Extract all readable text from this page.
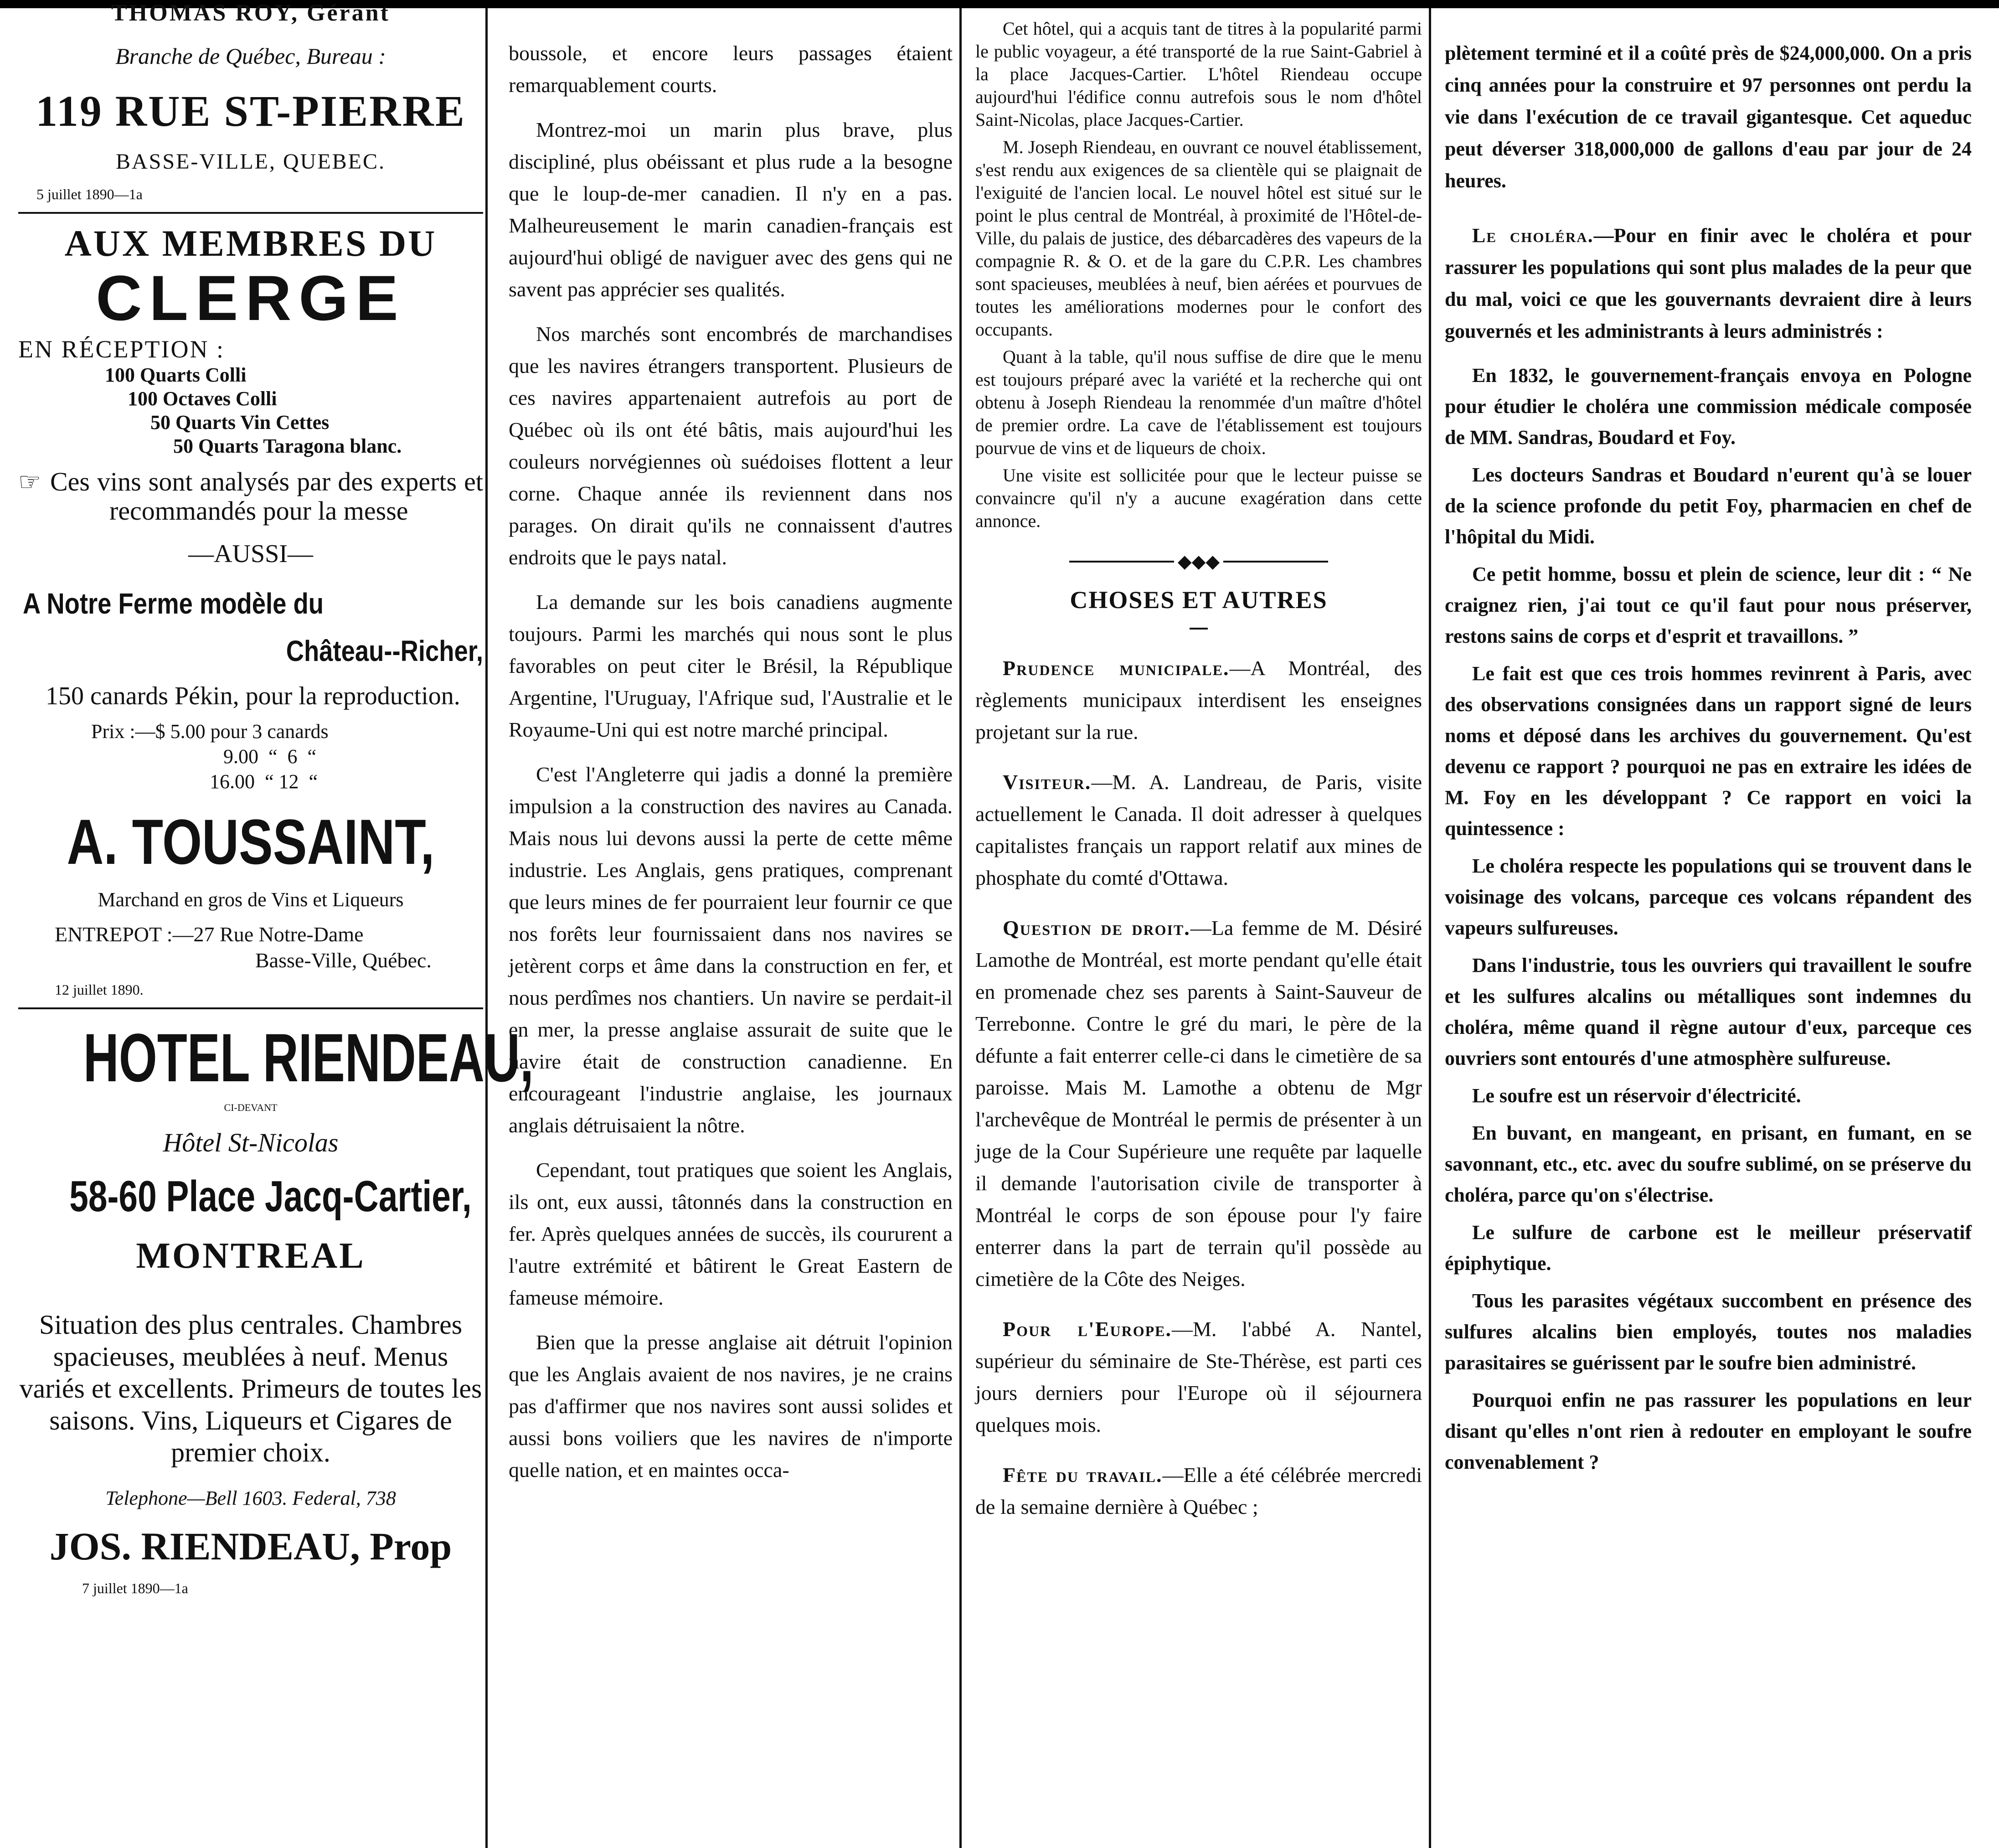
THOMAS ROY, Gérant

Branche de Québec, Bureau :

119 RUE ST-PIERRE

BASSE-VILLE, QUEBEC.

5 juillet 1890—1a

AUX MEMBRES DU

CLERGE

EN RÉCEPTION :

100 Quarts Colli

100 Octaves Colli

50 Quarts Vin Cettes

50 Quarts Taragona blanc.

☞ Ces vins sont analysés par des experts et recommandés pour la messe

—AUSSI—

A Notre Ferme modèle du

Château--Richer,

150 canards Pékin, pour la reproduction.

Prix :—$ 5.00 pour 3 canards

9.00  “  6  “

16.00  “ 12  “

A. TOUSSAINT,

Marchand en gros de Vins et Liqueurs

ENTREPOT :—27 Rue Notre-Dame

Basse-Ville, Québec.

12 juillet 1890.

HOTEL RIENDEAU,

CI-DEVANT

Hôtel St-Nicolas

58-60 Place Jacq-Cartier,

MONTREAL

Situation des plus centrales. Chambres spacieuses, meublées à neuf. Menus variés et excellents. Primeurs de toutes les saisons. Vins, Liqueurs et Cigares de premier choix.

Telephone—Bell 1603. Federal, 738

JOS. RIENDEAU, Prop

7 juillet 1890—1a

boussole, et encore leurs passages étaient remarquablement courts.

Montrez-moi un marin plus brave, plus discipliné, plus obéissant et plus rude a la besogne que le loup-de-mer canadien. Il n'y en a pas. Malheureusement le marin canadien-français est aujourd'hui obligé de naviguer avec des gens qui ne savent pas apprécier ses qualités.

Nos marchés sont encombrés de marchandises que les navires étrangers transportent. Plusieurs de ces navires appartenaient autrefois au port de Québec où ils ont été bâtis, mais aujourd'hui les couleurs norvégiennes où suédoises flottent a leur corne. Chaque année ils reviennent dans nos parages. On dirait qu'ils ne connaissent d'autres endroits que le pays natal.

La demande sur les bois canadiens augmente toujours. Parmi les marchés qui nous sont le plus favorables on peut citer le Brésil, la République Argentine, l'Uruguay, l'Afrique sud, l'Australie et le Royaume-Uni qui est notre marché principal.

C'est l'Angleterre qui jadis a donné la première impulsion a la construction des navires au Canada. Mais nous lui devons aussi la perte de cette même industrie. Les Anglais, gens pratiques, comprenant que leurs mines de fer pourraient leur fournir ce que nos forêts leur fournissaient dans nos navires se jetèrent corps et âme dans la construction en fer, et nous perdîmes nos chantiers. Un navire se perdait-il en mer, la presse anglaise assurait de suite que le navire était de construction canadienne. En encourageant l'industrie anglaise, les journaux anglais détruisaient la nôtre.

Cependant, tout pratiques que soient les Anglais, ils ont, eux aussi, tâtonnés dans la construction en fer. Après quelques années de succès, ils coururent a l'autre extrémité et bâtirent le Great Eastern de fameuse mémoire.

Bien que la presse anglaise ait détruit l'opinion que les Anglais avaient de nos navires, je ne crains pas d'affirmer que nos navires sont aussi solides et aussi bons voiliers que les navires de n'importe quelle nation, et en maintes occa-

Cet hôtel, qui a acquis tant de titres à la popularité parmi le public voyageur, a été transporté de la rue Saint-Gabriel à la place Jacques-Cartier. L'hôtel Riendeau occupe aujourd'hui l'édifice connu autrefois sous le nom d'hôtel Saint-Nicolas, place Jacques-Cartier.

M. Joseph Riendeau, en ouvrant ce nouvel établissement, s'est rendu aux exigences de sa clientèle qui se plaignait de l'exiguité de l'ancien local. Le nouvel hôtel est situé sur le point le plus central de Montréal, à proximité de l'Hôtel-de-Ville, du palais de justice, des débarcadères des vapeurs de la compagnie R. & O. et de la gare du C.P.R. Les chambres sont spacieuses, meublées à neuf, bien aérées et pourvues de toutes les améliorations modernes pour le confort des occupants.

Quant à la table, qu'il nous suffise de dire que le menu est toujours préparé avec la variété et la recherche qui ont obtenu à Joseph Riendeau la renommée d'un maître d'hôtel de premier ordre. La cave de l'établissement est toujours pourvue de vins et de liqueurs de choix.

Une visite est sollicitée pour que le lecteur puisse se convaincre qu'il n'y a aucune exagération dans cette annonce.

◆◆◆

CHOSES ET AUTRES

Prudence municipale.—A Montréal, des règlements municipaux interdisent les enseignes projetant sur la rue.

Visiteur.—M. A. Landreau, de Paris, visite actuellement le Canada. Il doit adresser à quelques capitalistes français un rapport relatif aux mines de phosphate du comté d'Ottawa.

Question de droit.—La femme de M. Désiré Lamothe de Montréal, est morte pendant qu'elle était en promenade chez ses parents à Saint-Sauveur de Terrebonne. Contre le gré du mari, le père de la défunte a fait enterrer celle-ci dans le cimetière de sa paroisse. Mais M. Lamothe a obtenu de Mgr l'archevêque de Montréal le permis de présenter à un juge de la Cour Supérieure une requête par laquelle il demande l'autorisation civile de transporter à Montréal le corps de son épouse pour l'y faire enterrer dans la part de terrain qu'il possède au cimetière de la Côte des Neiges.

Pour l'Europe.—M. l'abbé A. Nantel, supérieur du séminaire de Ste-Thérèse, est parti ces jours derniers pour l'Europe où il séjournera quelques mois.

Fête du travail.—Elle a été célébrée mercredi de la semaine dernière à Québec ;

plètement terminé et il a coûté près de $24,000,000. On a pris cinq années pour la construire et 97 personnes ont perdu la vie dans l'exécution de ce travail gigantesque. Cet aqueduc peut déverser 318,000,000 de gallons d'eau par jour de 24 heures.

Le choléra.—Pour en finir avec le choléra et pour rassurer les populations qui sont plus malades de la peur que du mal, voici ce que les gouvernants devraient dire à leurs gouvernés et les administrants à leurs administrés :

En 1832, le gouvernement-français envoya en Pologne pour étudier le choléra une commission médicale composée de MM. Sandras, Boudard et Foy.

Les docteurs Sandras et Boudard n'eurent qu'à se louer de la science profonde du petit Foy, pharmacien en chef de l'hôpital du Midi.

Ce petit homme, bossu et plein de science, leur dit : “ Ne craignez rien, j'ai tout ce qu'il faut pour nous préserver, restons sains de corps et d'esprit et travaillons. ”

Le fait est que ces trois hommes revinrent à Paris, avec des observations consignées dans un rapport signé de leurs noms et déposé dans les archives du gouvernement. Qu'est devenu ce rapport ? pourquoi ne pas en extraire les idées de M. Foy en les développant ? Ce rapport en voici la quintessence :

Le choléra respecte les populations qui se trouvent dans le voisinage des volcans, parceque ces volcans répandent des vapeurs sulfureuses.

Dans l'industrie, tous les ouvriers qui travaillent le soufre et les sulfures alcalins ou métalliques sont indemnes du choléra, même quand il règne autour d'eux, parceque ces ouvriers sont entourés d'une atmosphère sulfureuse.

Le soufre est un réservoir d'électricité.

En buvant, en mangeant, en prisant, en fumant, en se savonnant, etc., etc. avec du soufre sublimé, on se préserve du choléra, parce qu'on s'électrise.

Le sulfure de carbone est le meilleur préservatif épiphytique.

Tous les parasites végétaux succombent en présence des sulfures alcalins bien employés, toutes nos maladies parasitaires se guérissent par le soufre bien administré.

Pourquoi enfin ne pas rassurer les populations en leur disant qu'elles n'ont rien à redouter en employant le soufre convenablement ?
